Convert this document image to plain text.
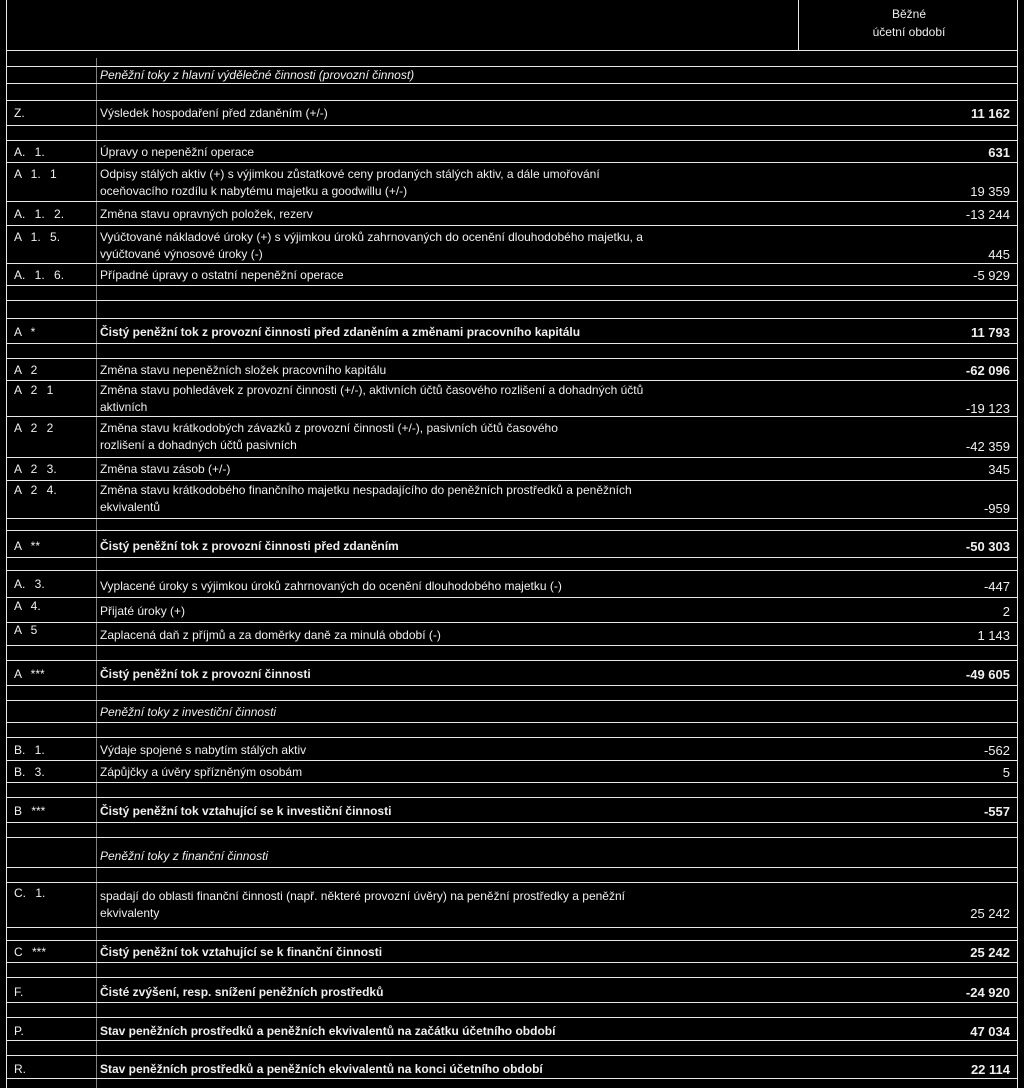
Běžné
účetní období
Peněžní toky z hlavní výdělečné činnosti (provozní činnost)
Z.	Výsledek hospodaření před zdaněním (+/-)	11 162
A. 1.	Úpravy o nepeněžní operace	631
A 1. 1	Odpisy stálých aktiv (+) s výjimkou zůstatkové ceny prodaných stálých aktiv, a dále umořování oceňovacího rozdílu k nabytému majetku a goodwillu (+/-)	19 359
A. 1. 2.	Změna stavu opravných položek, rezerv	-13 244
A 1. 5.	Vyúčtované nákladové úroky (+) s výjimkou úroků zahrnovaných do ocenění dlouhodobého majetku, a vyúčtované výnosové úroky (-)	445
A. 1. 6.	Případné úpravy o ostatní nepeněžní operace	-5 929
A *	Čistý peněžní tok z provozní činnosti před zdaněním a změnami pracovního kapitálu	11 793
A 2	Změna stavu nepeněžních složek pracovního kapitálu	-62 096
A 2 1	Změna stavu pohledávek z provozní činnosti (+/-), aktivních účtů časového rozlišení a dohadných účtů aktivních	-19 123
A 2 2	Změna stavu krátkodobých závazků z provozní činnosti (+/-), pasivních účtů časového rozlišení a dohadných účtů pasivních	-42 359
A 2 3.	Změna stavu zásob (+/-)	345
A 2 4.	Změna stavu krátkodobého finančního majetku nespadajícího do peněžních prostředků a peněžních ekvivalentů	-959
A **	Čistý peněžní tok z provozní činnosti před zdaněním	-50 303
A. 3.	Vyplacené úroky s výjimkou úroků zahrnovaných do ocenění dlouhodobého majetku (-)	-447
A 4.	Přijaté úroky (+)	2
A 5	Zaplacená daň z příjmů a za doměrky daně za minulá období (-)	1 143
A ***	Čistý peněžní tok z provozní činnosti	-49 605
Peněžní toky z investiční činnosti
B. 1.	Výdaje spojené s nabytím stálých aktiv	-562
B. 3.	Zápůjčky a úvěry spřízněným osobám	5
B ***	Čistý peněžní tok vztahující se k investiční činnosti	-557
Peněžní toky z finanční činnosti
C. 1.	spadají do oblasti finanční činnosti (např. některé provozní úvěry) na peněžní prostředky a peněžní ekvivalenty	25 242
C ***	Čistý peněžní tok vztahující se k finanční činnosti	25 242
F.	Čisté zvýšení, resp. snížení peněžních prostředků	-24 920
P.	Stav peněžních prostředků a peněžních ekvivalentů na začátku účetního období	47 034
R.	Stav peněžních prostředků a peněžních ekvivalentů na konci účetního období	22 114
